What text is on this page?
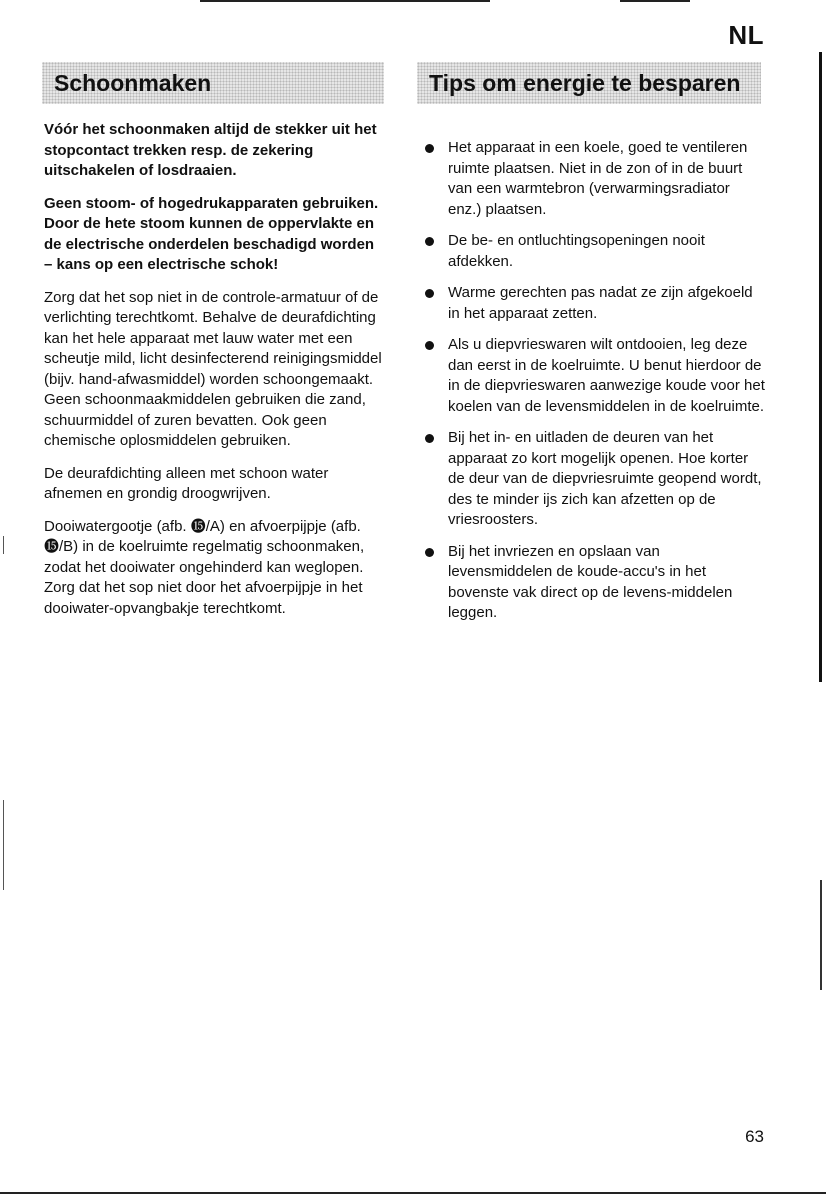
NL
Schoonmaken

Vóór het schoonmaken altijd de stekker uit het stopcontact trekken resp. de zekering uitschakelen of losdraaien.

Geen stoom- of hogedrukapparaten gebruiken. Door de hete stoom kunnen de oppervlakte en de electrische onderdelen beschadigd worden – kans op een electrische schok!

Zorg dat het sop niet in de controle-armatuur of de verlichting terechtkomt. Behalve de deurafdichting kan het hele apparaat met lauw water met een scheutje mild, licht desinfecterend reinigingsmiddel (bijv. hand-afwasmiddel) worden schoongemaakt. Geen schoonmaakmiddelen gebruiken die zand, schuurmiddel of zuren bevatten. Ook geen chemische oplosmiddelen gebruiken.

De deurafdichting alleen met schoon water afnemen en grondig droogwrijven.

Dooiwatergootje (afb. ⓯/A) en afvoerpijpje (afb. ⓯/B) in de koelruimte regelmatig schoonmaken, zodat het dooiwater ongehinderd kan weglopen. Zorg dat het sop niet door het afvoerpijpje in het dooiwater-opvangbakje terechtkomt.

Tips om energie te besparen
Het apparaat in een koele, goed te ventileren ruimte plaatsen. Niet in de zon of in de buurt van een warmtebron (verwarmingsradiator enz.) plaatsen.
De be- en ontluchtingsopeningen nooit afdekken.
Warme gerechten pas nadat ze zijn afgekoeld in het apparaat zetten.
Als u diepvrieswaren wilt ontdooien, leg deze dan eerst in de koelruimte. U benut hierdoor de in de diepvrieswaren aanwezige koude voor het koelen van de levensmiddelen in de koelruimte.
Bij het in- en uitladen de deuren van het apparaat zo kort mogelijk openen. Hoe korter de deur van de diepvriesruimte geopend wordt, des te minder ijs zich kan afzetten op de vriesroosters.
Bij het invriezen en opslaan van levensmiddelen de koude-accu's in het bovenste vak direct op de levens-middelen leggen.
63
